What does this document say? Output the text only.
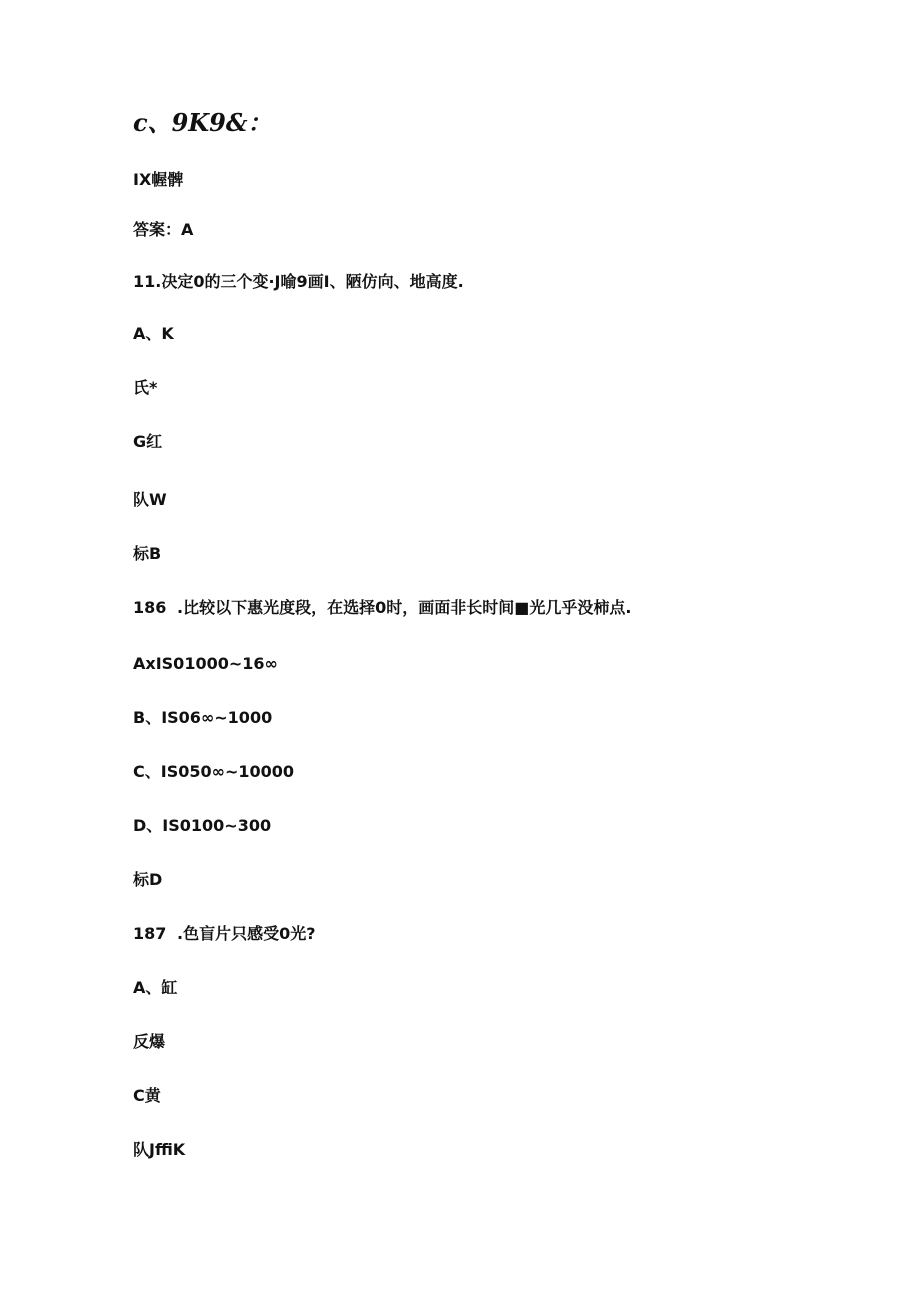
c、9K9&：
IX幄髀
答案：A
11.决定0的三个变·J喻9画I、陋仿向、地高度.
A、K
氏*
G红
队W
标B
186 .比较以下惠光度段，在选择0时，画面非长时间■光几乎没柿点.
AxIS01000~16∞
B、IS06∞~1000
C、IS050∞~10000
D、IS0100~300
标D
187 .色盲片只感受0光?
A、缸
反爆
C黄
队JffiK
